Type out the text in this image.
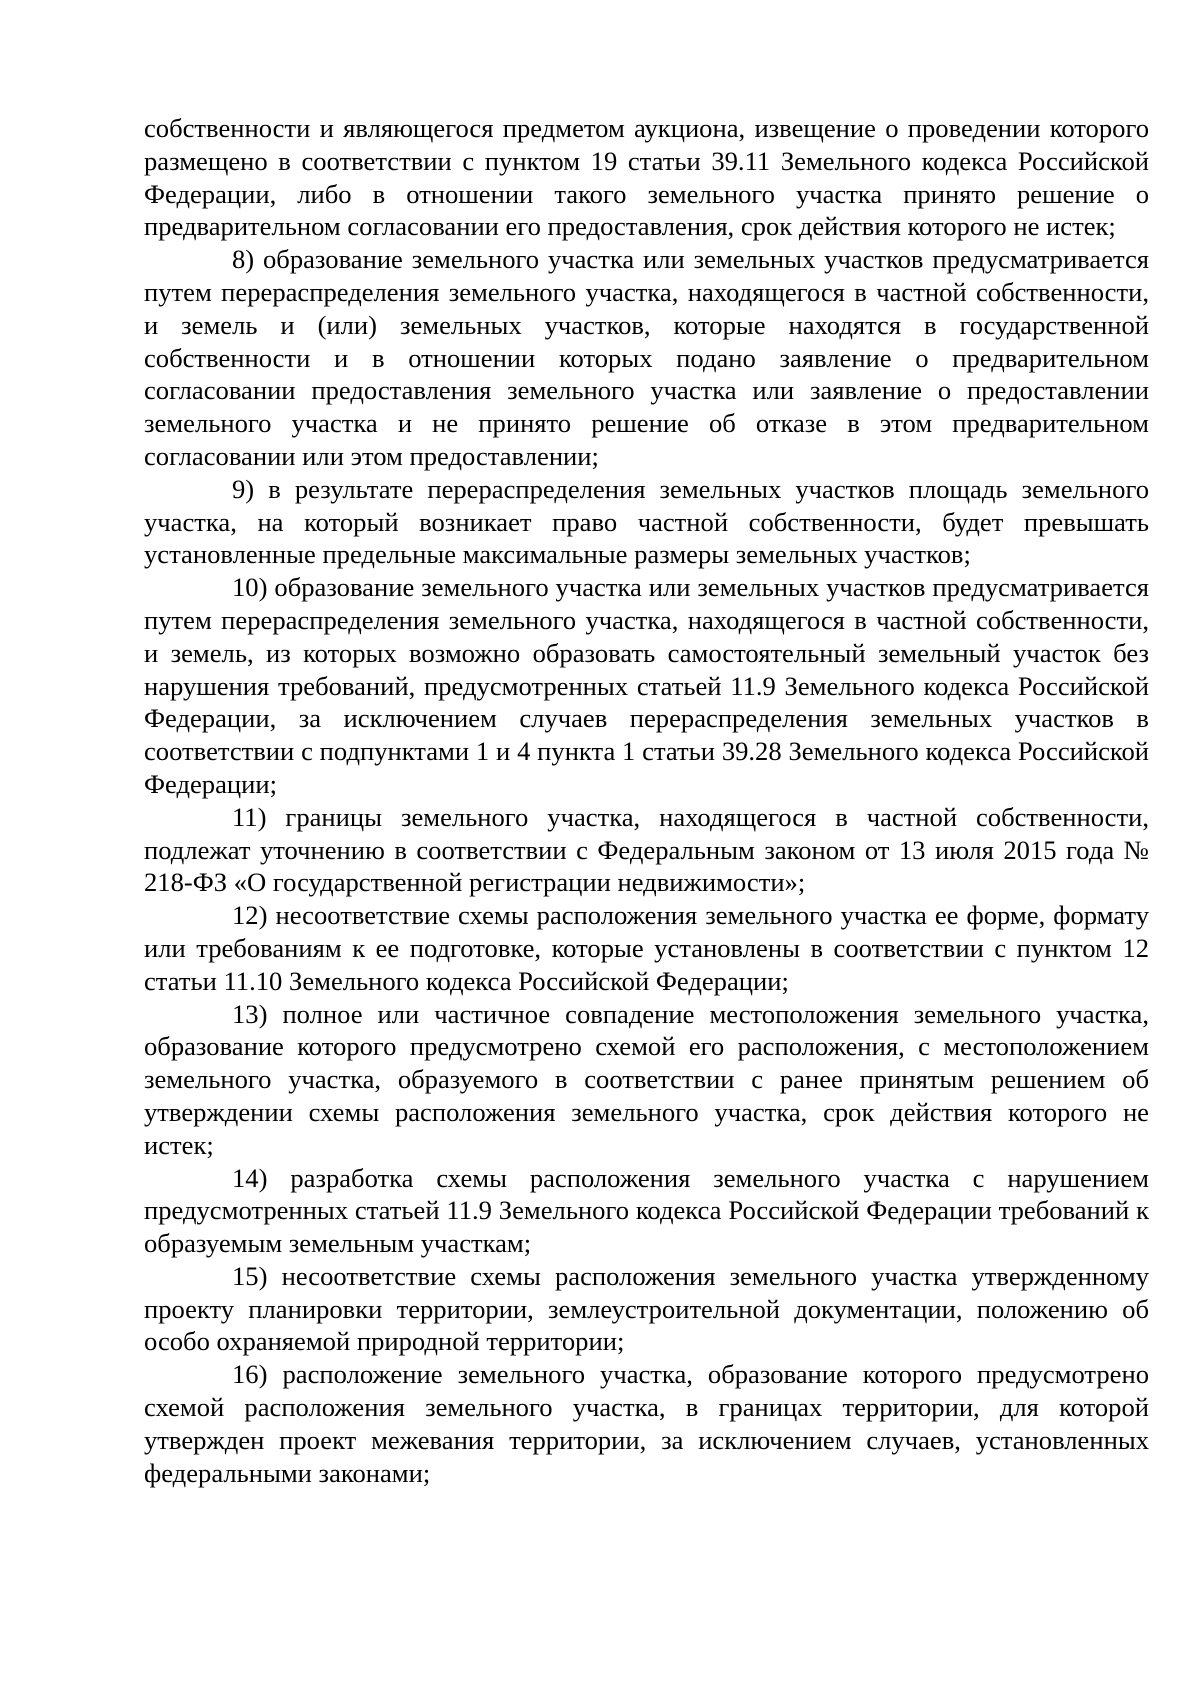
собственности и являющегося предметом аукциона, извещение о проведении которого размещено в соответствии с пунктом 19 статьи 39.11 Земельного кодекса Российской Федерации, либо в отношении такого земельного участка принято решение о предварительном согласовании его предоставления, срок действия которого не истек;

8) образование земельного участка или земельных участков предусматривается путем перераспределения земельного участка, находящегося в частной собственности, и земель и (или) земельных участков, которые находятся в государственной собственности и в отношении которых подано заявление о предварительном согласовании предоставления земельного участка или заявление о предоставлении земельного участка и не принято решение об отказе в этом предварительном согласовании или этом предоставлении;

9) в результате перераспределения земельных участков площадь земельного участка, на который возникает право частной собственности, будет превышать установленные предельные максимальные размеры земельных участков;

10) образование земельного участка или земельных участков предусматривается путем перераспределения земельного участка, находящегося в частной собственности, и земель, из которых возможно образовать самостоятельный земельный участок без нарушения требований, предусмотренных статьей 11.9 Земельного кодекса Российской Федерации, за исключением случаев перераспределения земельных участков в соответствии с подпунктами 1 и 4 пункта 1 статьи 39.28 Земельного кодекса Российской Федерации;

11) границы земельного участка, находящегося в частной собственности, подлежат уточнению в соответствии с Федеральным законом от 13 июля 2015 года № 218-ФЗ «О государственной регистрации недвижимости»;

12) несоответствие схемы расположения земельного участка ее форме, формату или требованиям к ее подготовке, которые установлены в соответствии с пунктом 12 статьи 11.10 Земельного кодекса Российской Федерации;

13) полное или частичное совпадение местоположения земельного участка, образование которого предусмотрено схемой его расположения, с местоположением земельного участка, образуемого в соответствии с ранее принятым решением об утверждении схемы расположения земельного участка, срок действия которого не истек;

14) разработка схемы расположения земельного участка с нарушением предусмотренных статьей 11.9 Земельного кодекса Российской Федерации требований к образуемым земельным участкам;

15) несоответствие схемы расположения земельного участка утвержденному проекту планировки территории, землеустроительной документации, положению об особо охраняемой природной территории;

16) расположение земельного участка, образование которого предусмотрено схемой расположения земельного участка, в границах территории, для которой утвержден проект межевания территории, за исключением случаев, установленных федеральными законами;
